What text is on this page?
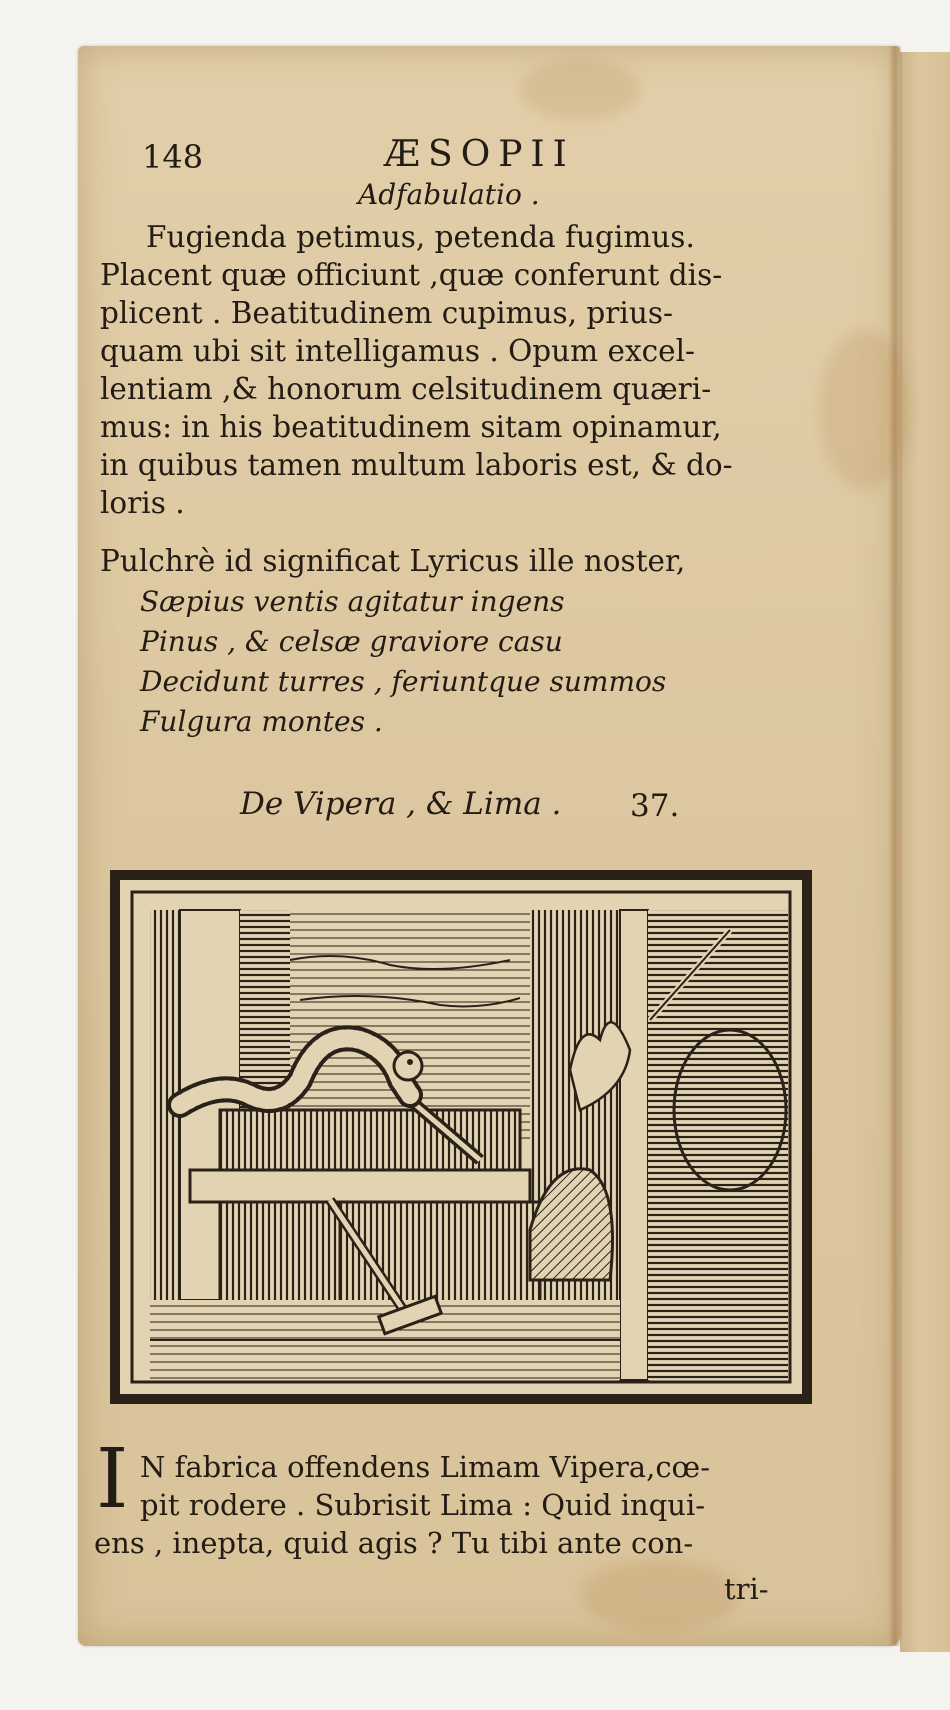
148	ÆSOPII
Adfabulatio .
Fugienda petimus, petenda fugimus.
Placent quæ officiunt ,quæ conferunt dis-
plicent . Beatitudinem cupimus, prius-
quam ubi sit intelligamus . Opum excel-
lentiam ,& honorum celsitudinem quæri-
mus: in his beatitudinem sitam opinamur,
in quibus tamen multum laboris est, & do-
loris .
Pulchrè id significat Lyricus ille noster,
Sæpius ventis agitatur ingens
Pinus , & celsæ graviore casu
Decidunt turres , feriuntque summos
Fulgura montes .
De Vipera , & Lima . 37.
I N fabrica offendens Limam Vipera,cœ-
pit rodere . Subrisit Lima : Quid inqui-
ens , inepta, quid agis ? Tu tibi ante con-
tri-
